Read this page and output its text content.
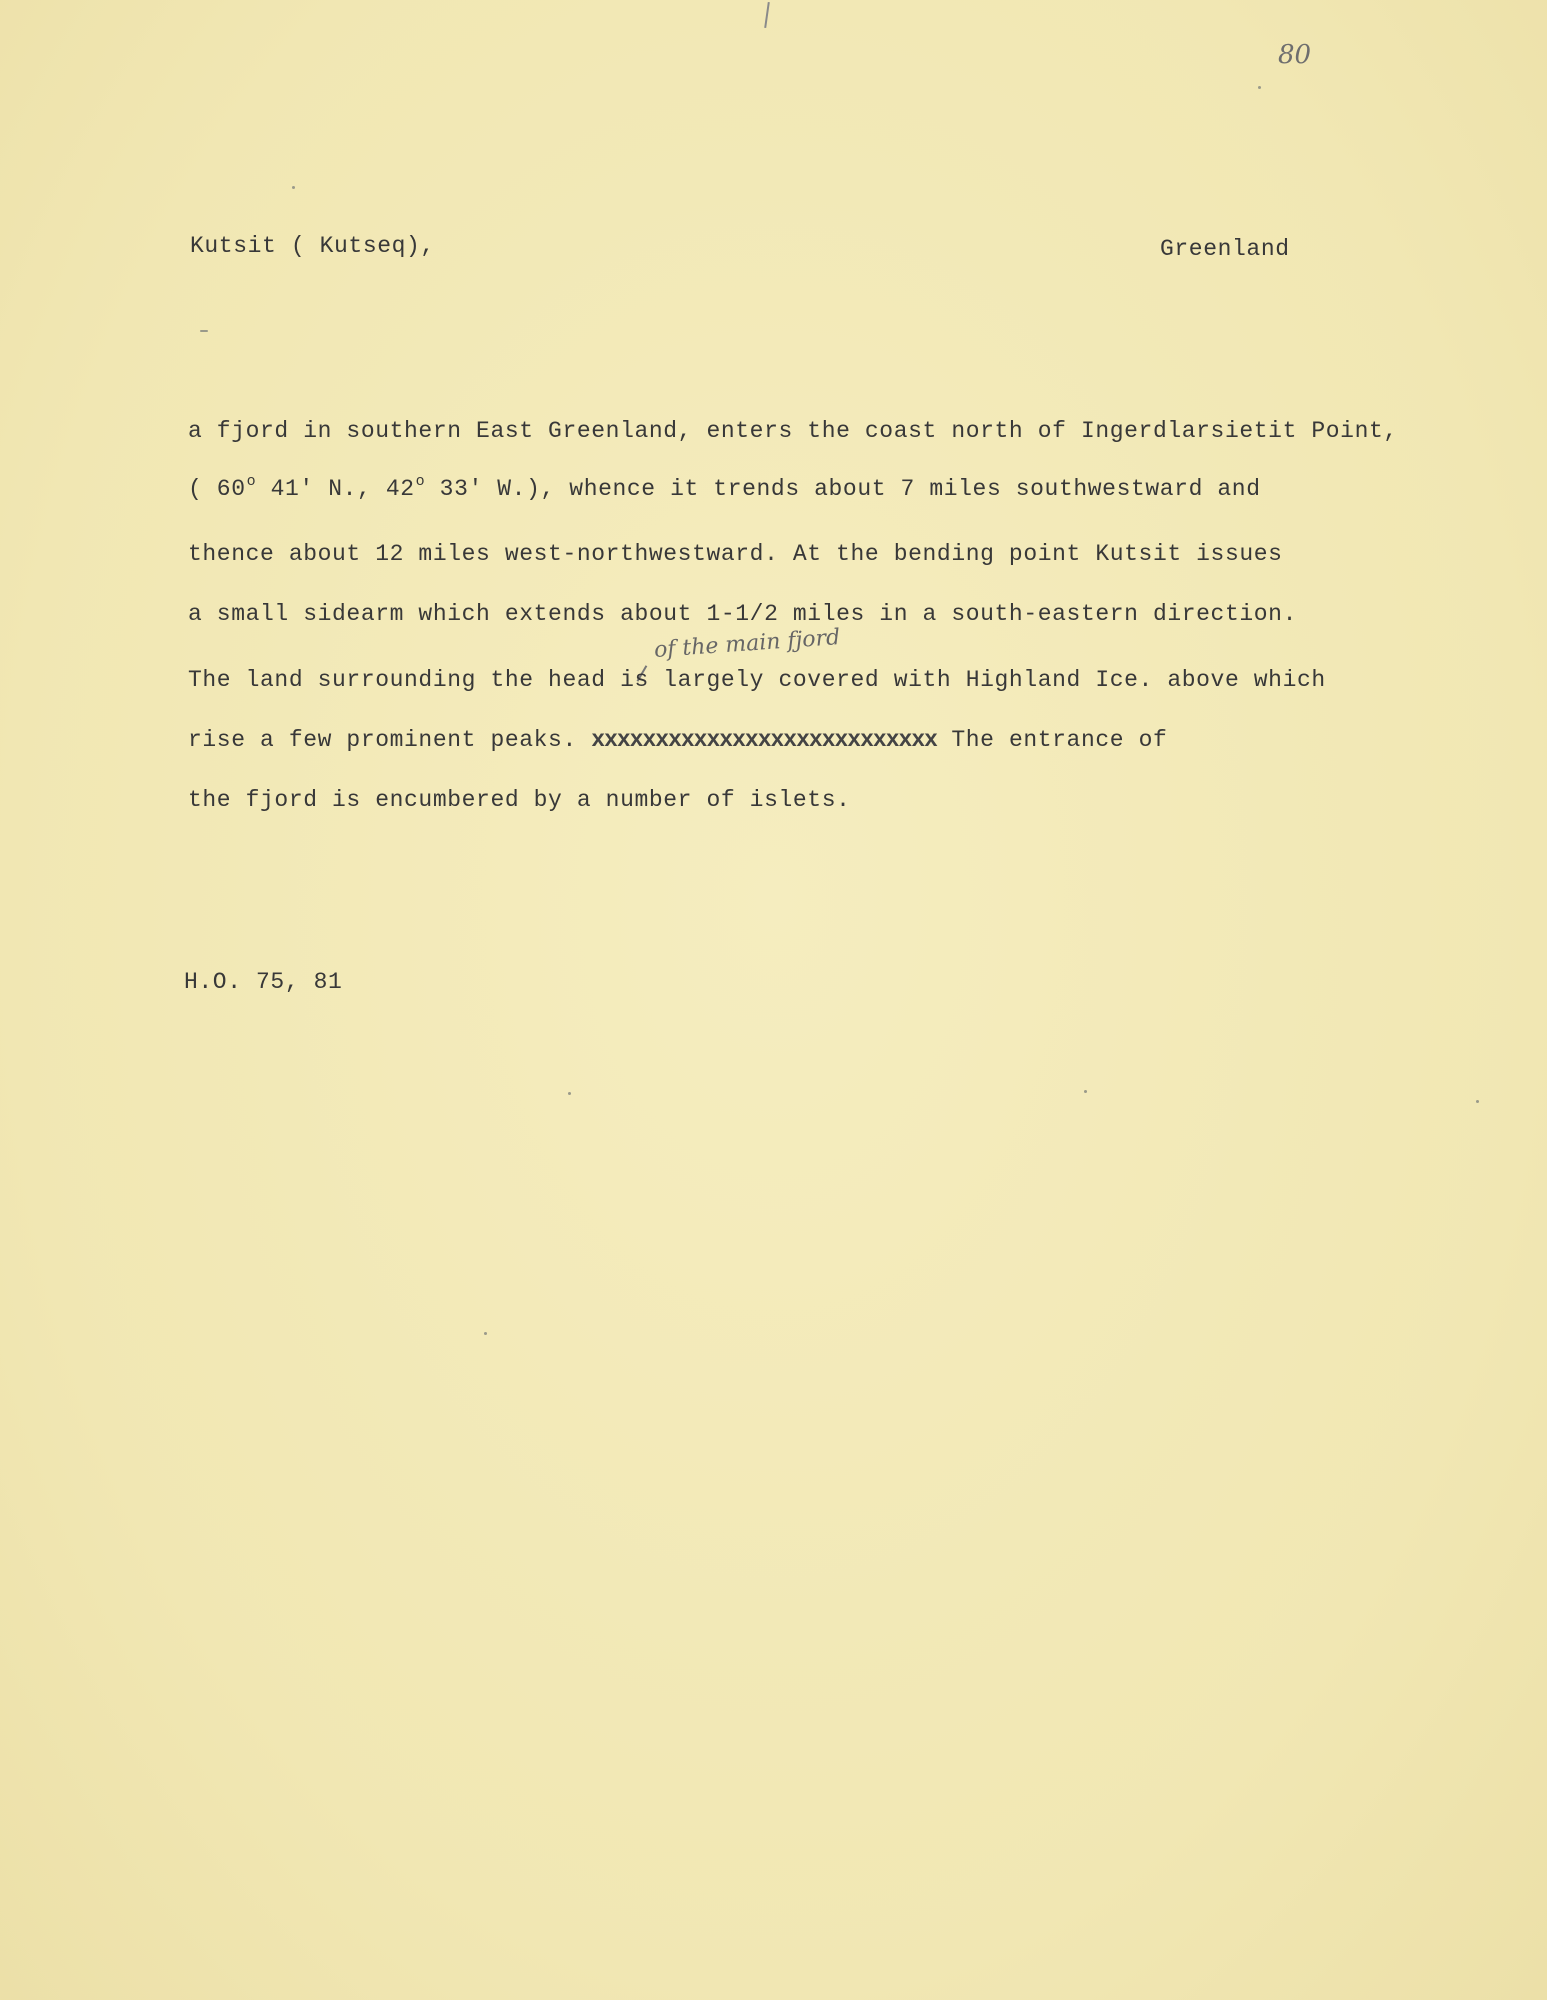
80
Kutsit ( Kutseq),	Greenland
a fjord in southern East Greenland, enters the coast north of Ingerdlarsietit Point,
( 60$^o$ 41' N., 42$^o$ 33' W.), whence it trends about 7 miles southwestward and
thence about 12 miles west-northwestward. At the bending point Kutsit issues
a small sidearm which extends about 1-1/2 miles in a south-eastern direction.
of the main fjord
The land surrounding the head is largely covered with Highland Ice. above which
rise a few prominent peaks. xxxxxxxxxxxxxxxxxxxxxxxxxxx The entrance of
the fjord is encumbered by a number of islets.
H.O. 75, 81
